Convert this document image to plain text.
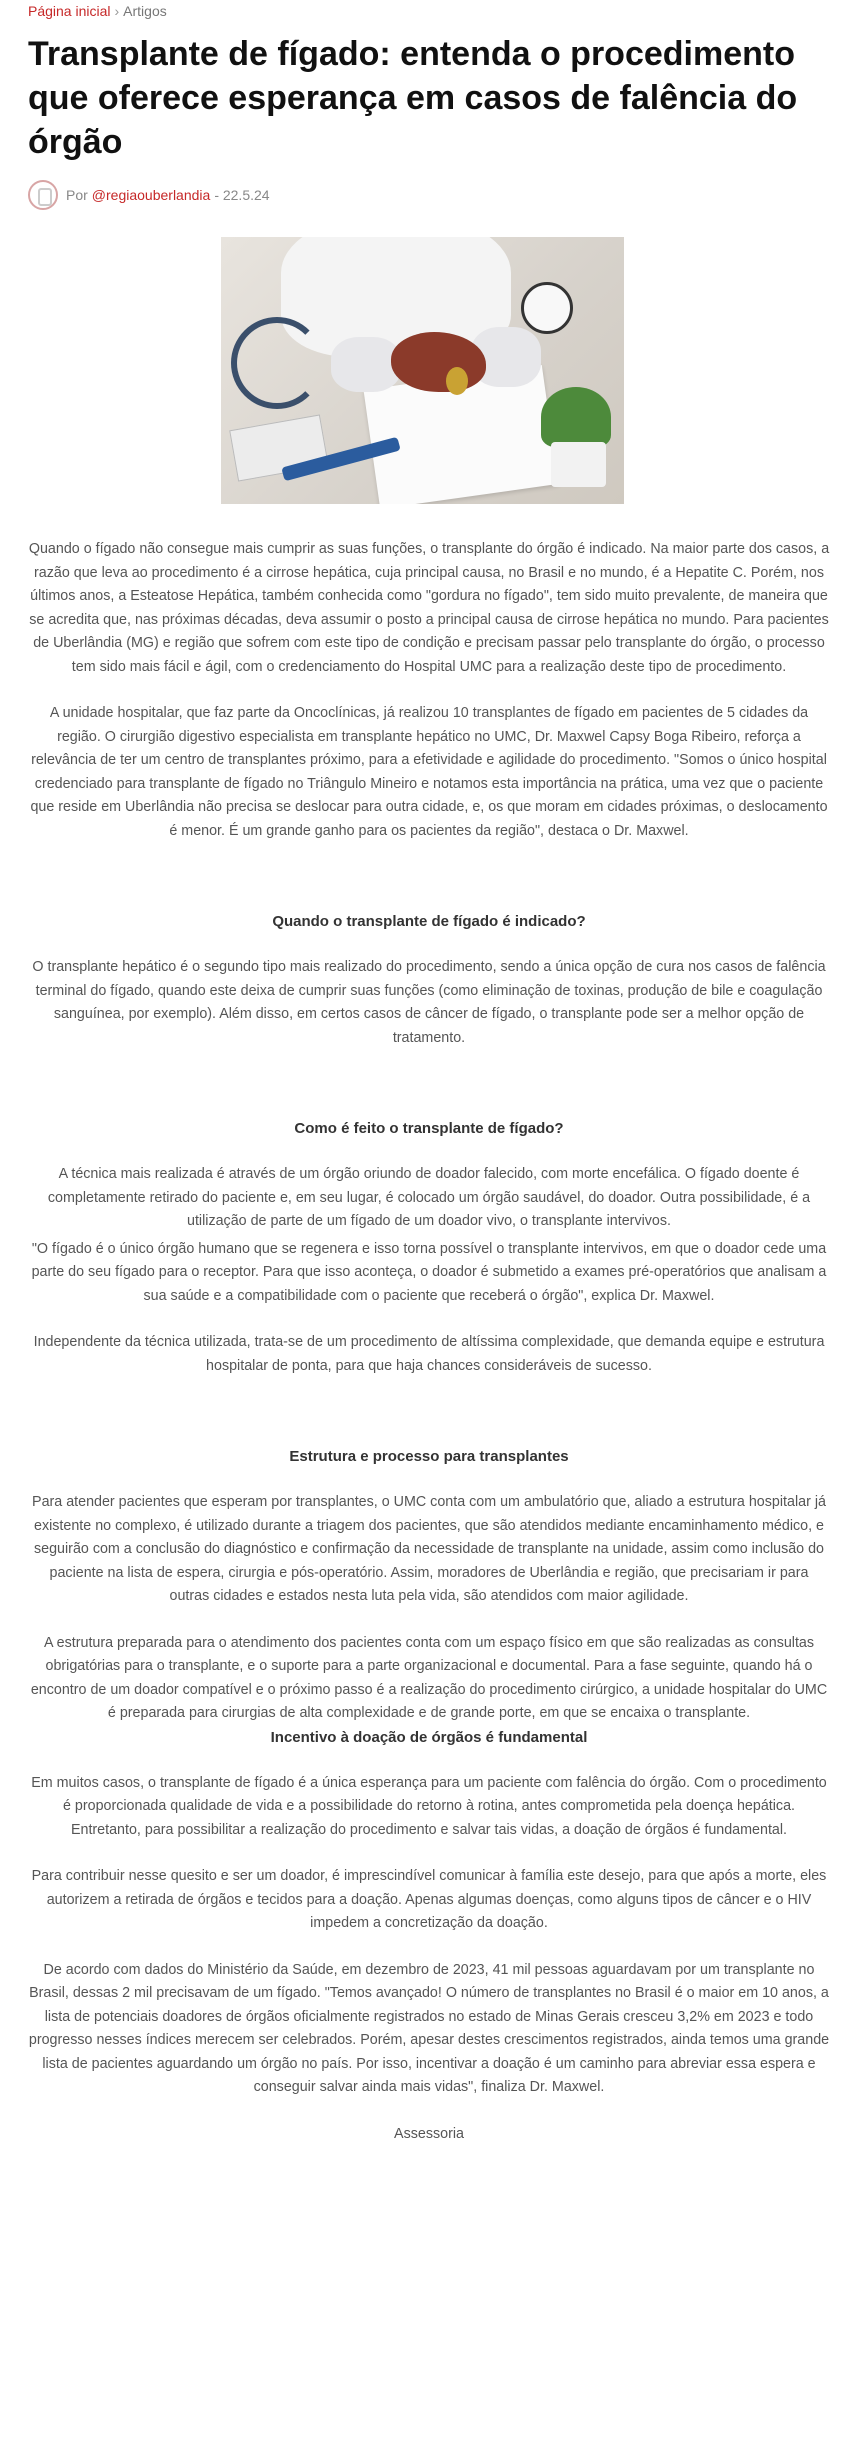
Página inicial › Artigos
Transplante de fígado: entenda o procedimento que oferece esperança em casos de falência do órgão
Por @regiaouberlandia - 22.5.24

Quando o fígado não consegue mais cumprir as suas funções, o transplante do órgão é indicado. Na maior parte dos casos, a razão que leva ao procedimento é a cirrose hepática, cuja principal causa, no Brasil e no mundo, é a Hepatite C. Porém, nos últimos anos, a Esteatose Hepática, também conhecida como "gordura no fígado", tem sido muito prevalente, de maneira que se acredita que, nas próximas décadas, deva assumir o posto a principal causa de cirrose hepática no mundo. Para pacientes de Uberlândia (MG) e região que sofrem com este tipo de condição e precisam passar pelo transplante do órgão, o processo tem sido mais fácil e ágil, com o credenciamento do Hospital UMC para a realização deste tipo de procedimento.

A unidade hospitalar, que faz parte da Oncoclínicas, já realizou 10 transplantes de fígado em pacientes de 5 cidades da região. O cirurgião digestivo especialista em transplante hepático no UMC, Dr. Maxwel Capsy Boga Ribeiro, reforça a relevância de ter um centro de transplantes próximo, para a efetividade e agilidade do procedimento. "Somos o único hospital credenciado para transplante de fígado no Triângulo Mineiro e notamos esta importância na prática, uma vez que o paciente que reside em Uberlândia não precisa se deslocar para outra cidade, e, os que moram em cidades próximas, o deslocamento é menor. É um grande ganho para os pacientes da região", destaca o Dr. Maxwel.

Quando o transplante de fígado é indicado?

O transplante hepático é o segundo tipo mais realizado do procedimento, sendo a única opção de cura nos casos de falência terminal do fígado, quando este deixa de cumprir suas funções (como eliminação de toxinas, produção de bile e coagulação sanguínea, por exemplo). Além disso, em certos casos de câncer de fígado, o transplante pode ser a melhor opção de tratamento.

Como é feito o transplante de fígado?

A técnica mais realizada é através de um órgão oriundo de doador falecido, com morte encefálica. O fígado doente é completamente retirado do paciente e, em seu lugar, é colocado um órgão saudável, do doador. Outra possibilidade, é a utilização de parte de um fígado de um doador vivo, o transplante intervivos.

"O fígado é o único órgão humano que se regenera e isso torna possível o transplante intervivos, em que o doador cede uma parte do seu fígado para o receptor. Para que isso aconteça, o doador é submetido a exames pré-operatórios que analisam a sua saúde e a compatibilidade com o paciente que receberá o órgão", explica Dr. Maxwel.

Independente da técnica utilizada, trata-se de um procedimento de altíssima complexidade, que demanda equipe e estrutura hospitalar de ponta, para que haja chances consideráveis de sucesso.

Estrutura e processo para transplantes

Para atender pacientes que esperam por transplantes, o UMC conta com um ambulatório que, aliado a estrutura hospitalar já existente no complexo, é utilizado durante a triagem dos pacientes, que são atendidos mediante encaminhamento médico, e seguirão com a conclusão do diagnóstico e confirmação da necessidade de transplante na unidade, assim como inclusão do paciente na lista de espera, cirurgia e pós-operatório. Assim, moradores de Uberlândia e região, que precisariam ir para outras cidades e estados nesta luta pela vida, são atendidos com maior agilidade.

A estrutura preparada para o atendimento dos pacientes conta com um espaço físico em que são realizadas as consultas obrigatórias para o transplante, e o suporte para a parte organizacional e documental. Para a fase seguinte, quando há o encontro de um doador compatível e o próximo passo é a realização do procedimento cirúrgico, a unidade hospitalar do UMC é preparada para cirurgias de alta complexidade e de grande porte, em que se encaixa o transplante.

Incentivo à doação de órgãos é fundamental

Em muitos casos, o transplante de fígado é a única esperança para um paciente com falência do órgão. Com o procedimento é proporcionada qualidade de vida e a possibilidade do retorno à rotina, antes comprometida pela doença hepática. Entretanto, para possibilitar a realização do procedimento e salvar tais vidas, a doação de órgãos é fundamental.

Para contribuir nesse quesito e ser um doador, é imprescindível comunicar à família este desejo, para que após a morte, eles autorizem a retirada de órgãos e tecidos para a doação. Apenas algumas doenças, como alguns tipos de câncer e o HIV impedem a concretização da doação.

De acordo com dados do Ministério da Saúde, em dezembro de 2023, 41 mil pessoas aguardavam por um transplante no Brasil, dessas 2 mil precisavam de um fígado. "Temos avançado! O número de transplantes no Brasil é o maior em 10 anos, a lista de potenciais doadores de órgãos oficialmente registrados no estado de Minas Gerais cresceu 3,2% em 2023 e todo progresso nesses índices merecem ser celebrados. Porém, apesar destes crescimentos registrados, ainda temos uma grande lista de pacientes aguardando um órgão no país. Por isso, incentivar a doação é um caminho para abreviar essa espera e conseguir salvar ainda mais vidas", finaliza Dr. Maxwel.

Assessoria
